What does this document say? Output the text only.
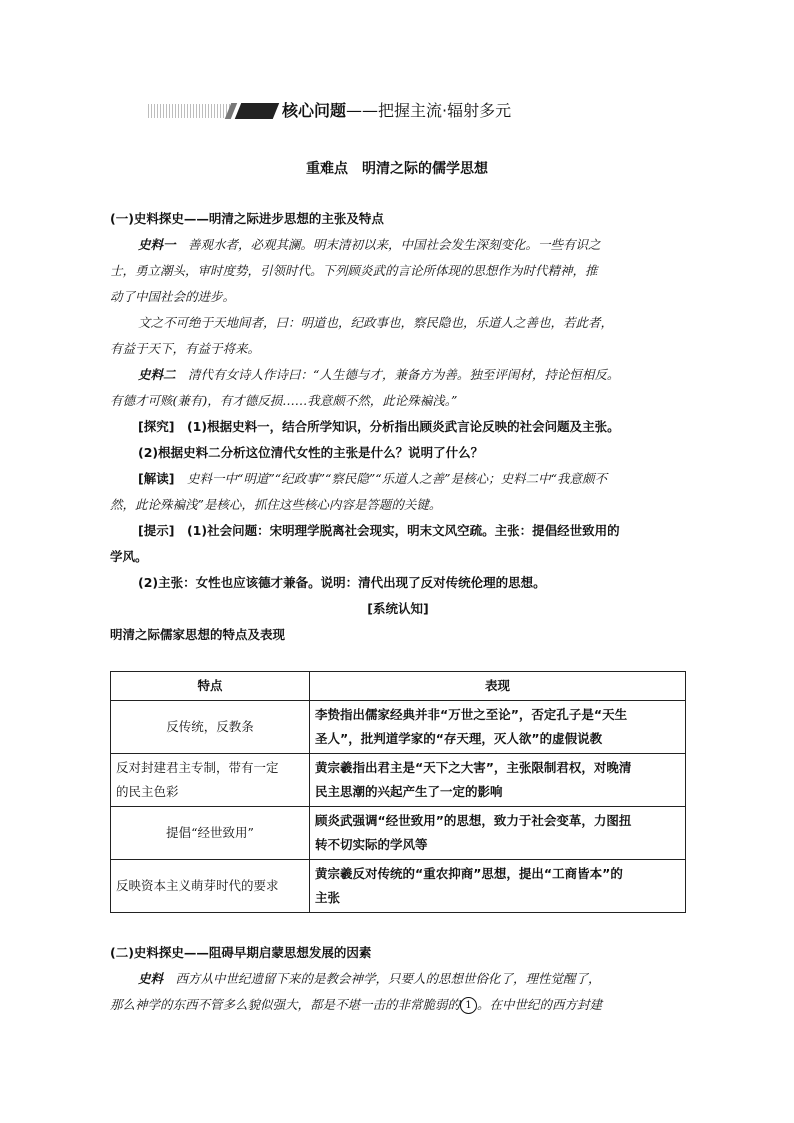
核心问题——把握主流·辐射多元
重难点 明清之际的儒学思想

(一)史料探史——明清之际进步思想的主张及特点

史料一　 善观水者，必观其澜。明末清初以来，中国社会发生深刻变化。一些有识之

士，勇立潮头，审时度势，引领时代。下列顾炎武的言论所体现的思想作为时代精神，推

动了中国社会的进步。

文之不可绝于天地间者，曰：明道也，纪政事也，察民隐也，乐道人之善也，若此者，

有益于天下，有益于将来。

史料二　 清代有女诗人作诗曰：“人生德与才，兼备方为善。独至评闺材，持论恒相反。

有德才可赅(兼有)，有才德反损……我意颇不然，此论殊褊浅。”

[探究]　 (1)根据史料一，结合所学知识，分析指出顾炎武言论反映的社会问题及主张。

(2)根据史料二分析这位清代女性的主张是什么？说明了什么？

[解读]　 史料一中“明道”“纪政事”“察民隐”“乐道人之善”是核心；史料二中“我意颇不

然，此论殊褊浅”是核心，抓住这些核心内容是答题的关键。

[提示]　 (1)社会问题：宋明理学脱离社会现实，明末文风空疏。主张：提倡经世致用的

学风。

(2)主张：女性也应该德才兼备。说明：清代出现了反对传统伦理的思想。

[系统认知]

明清之际儒家思想的特点及表现

特点	表现
反传统，反教条	李贽指出儒家经典并非“万世之至论”，否定孔子是“天生
圣人”，批判道学家的“存天理，灭人欲”的虚假说教
反对封建君主专制，带有一定
的民主色彩	黄宗羲指出君主是“天下之大害”，主张限制君权，对晚清
民主思潮的兴起产生了一定的影响
提倡“经世致用”	顾炎武强调“经世致用”的思想，致力于社会变革，力图扭
转不切实际的学风等
反映资本主义萌芽时代的要求	黄宗羲反对传统的“重农抑商”思想，提出“工商皆本”的
主张

(二)史料探史——阻碍早期启蒙思想发展的因素

史料　 西方从中世纪遗留下来的是教会神学，只要人的思想世俗化了，理性觉醒了，

那么神学的东西不管多么貌似强大，都是不堪一击的非常脆弱的 1 。在中世纪的西方封建
